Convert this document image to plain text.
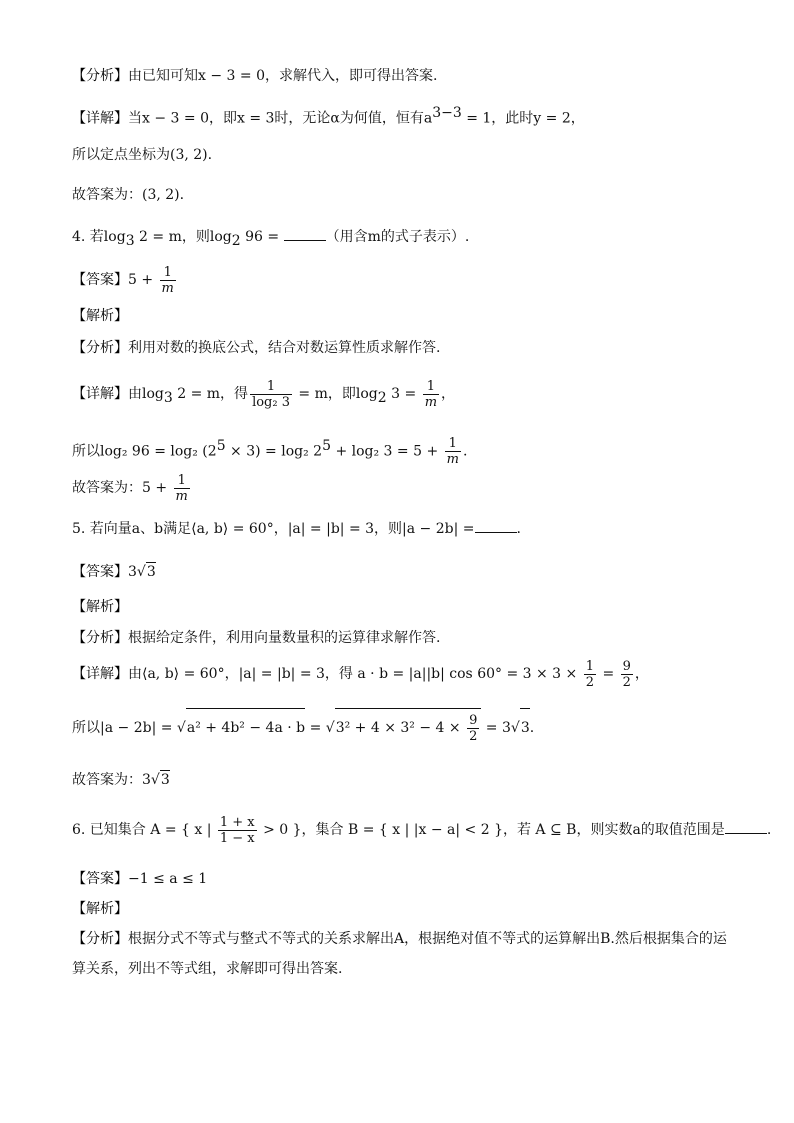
【分析】由已知可知x − 3 = 0，求解代入，即可得出答案.
【详解】当x − 3 = 0，即x = 3时，无论α为何值，恒有$a^{3-3} = 1$，此时y = 2，
所以定点坐标为(3, 2).
故答案为：(3, 2).
4. 若$\log_3 2 = m$，则$\log_2 96$ =	（用含m的式子表示）.
【答案】$5 + \frac{1}{m}$
【解析】
【分析】利用对数的换底公式，结合对数运算性质求解作答.
【详解】由$\log_3 2 = m$，得 $\frac{1}{\text{log₂ 3}} = m$，即$\log_2 3 = \frac{1}{m}$ ，
所以log₂ 96 = log₂ $(2^5 \times 3) = \log_2$ $2^5 + \log_2$ $3 = 5 + \frac{1}{m}$ .
故答案为：$5 + \frac{1}{m}$
5. 若向量a、b满足⟨a, b⟩ = 60°，|a| = |b| = 3，则|a − 2b| =	.
【答案】3√3
【解析】
【分析】根据给定条件，利用向量数量积的运算律求解作答.
【详解】由⟨a, b⟩ = 60°，|a| = |b| = 3，得 a · b = |a||b| $\cos 60^\circ = 3 \times 3 \times \frac{1}{2} = \frac{9}{2}$ ，
所以$|a - 2b| = √a^2 + 4b^2 - 4a \cdot b = √3^2 + 4 \times 3^2 - 4 \times \frac{9}{2} = 3√3$.
故答案为：3√3
6. 已知集合 A = { x | $\frac{1 + x}{1 - x} > 0$ }，集合 B = { x | |x − a| < 2 }，若 A ⊆ B，则实数a的取值范围是	.
【答案】−1 ≤ a ≤ 1
【解析】
【分析】根据分式不等式与整式不等式的关系求解出A，根据绝对值不等式的运算解出B.然后根据集合的运算关系，列出不等式组，求解即可得出答案.
